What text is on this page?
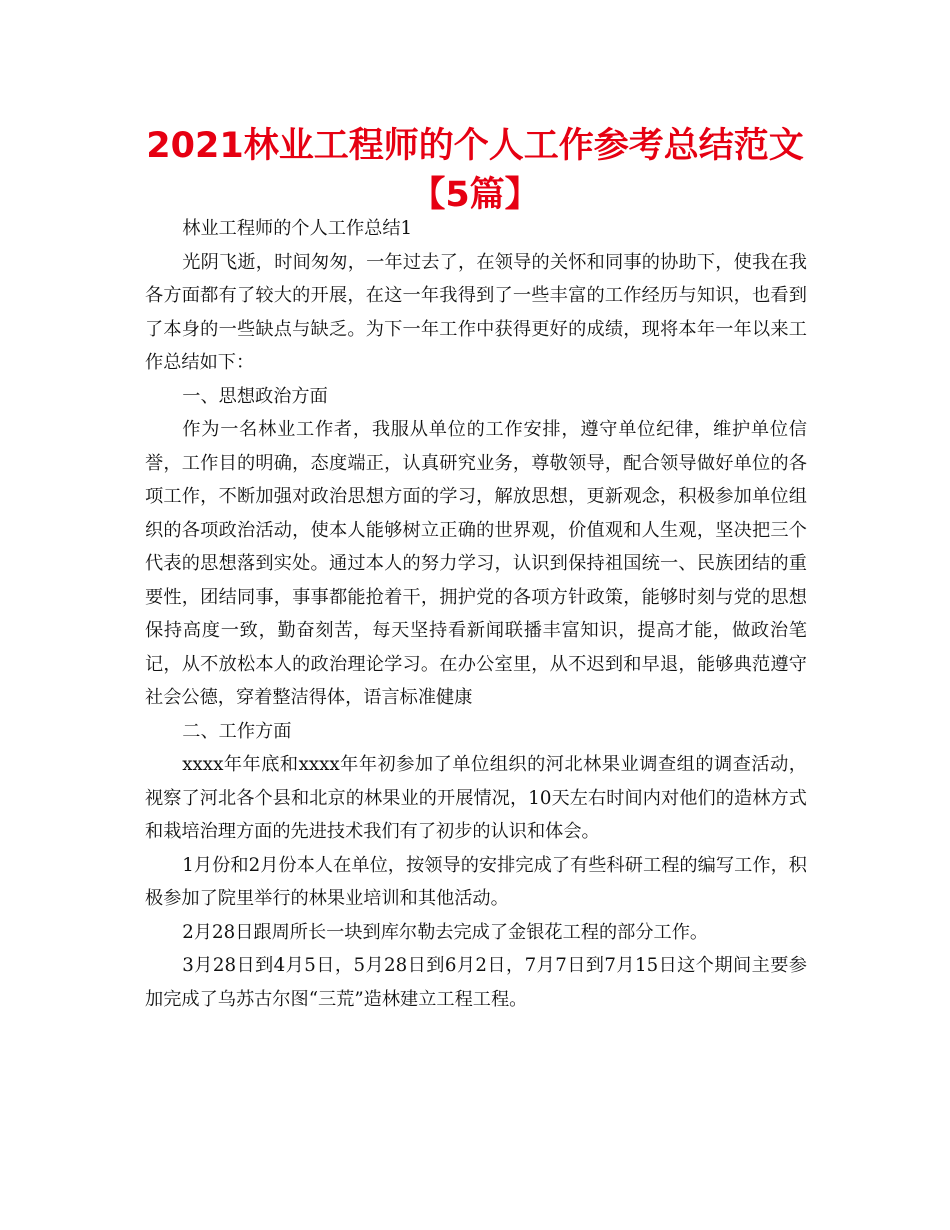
2021林业工程师的个人工作参考总结范文【5篇】

林业工程师的个人工作总结1

光阴飞逝，时间匆匆，一年过去了，在领导的关怀和同事的协助下，使我在我各方面都有了较大的开展，在这一年我得到了一些丰富的工作经历与知识，也看到了本身的一些缺点与缺乏。为下一年工作中获得更好的成绩，现将本年一年以来工作总结如下：

一、思想政治方面

作为一名林业工作者，我服从单位的工作安排，遵守单位纪律，维护单位信誉，工作目的明确，态度端正，认真研究业务，尊敬领导，配合领导做好单位的各项工作，不断加强对政治思想方面的学习，解放思想，更新观念，积极参加单位组织的各项政治活动，使本人能够树立正确的世界观，价值观和人生观，坚决把三个代表的思想落到实处。通过本人的努力学习，认识到保持祖国统一、民族团结的重要性，团结同事，事事都能抢着干，拥护党的各项方针政策，能够时刻与党的思想保持高度一致，勤奋刻苦，每天坚持看新闻联播丰富知识，提高才能，做政治笔记，从不放松本人的政治理论学习。在办公室里，从不迟到和早退，能够典范遵守社会公德，穿着整洁得体，语言标准健康

二、工作方面

xxxx年年底和xxxx年年初参加了单位组织的河北林果业调查组的调查活动，视察了河北各个县和北京的林果业的开展情况，10天左右时间内对他们的造林方式和栽培治理方面的先进技术我们有了初步的认识和体会。

1月份和2月份本人在单位，按领导的安排完成了有些科研工程的编写工作，积极参加了院里举行的林果业培训和其他活动。

2月28日跟周所长一块到库尔勒去完成了金银花工程的部分工作。

3月28日到4月5日，5月28日到6月2日，7月7日到7月15日这个期间主要参加完成了乌苏古尔图“三荒”造林建立工程工程。
